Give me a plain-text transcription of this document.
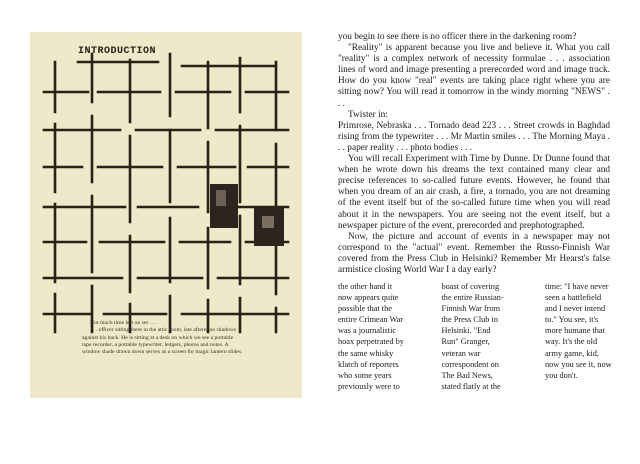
INTRODUCTION
Not much time left on set . . .
. . . officer sitting there in the attic room, late afternoon shadows
against his back. He is sitting at a desk on which we see a portable
tape recorder, a portable typewriter, ledgers, photos and notes. A
window shade drawn down serves as a screen for magic lantern slides.

you begin to see there is no officer there in the darkening room?

"Reality" is apparent because you live and believe it. What you call "reality" is a complex network of necessity formulae . . . association lines of word and image presenting a prerecorded word and image track. How do you know "real" events are taking place right where you are sitting now? You will read it tomorrow in the windy morning "NEWS" . . .

Twister in:

Primrose, Nebraska . . . Tornado dead 223 . . . Street crowds in Baghdad rising from the typewriter . . . Mr Martin smiles . . . The Morning Maya . . . paper reality . . . photo bodies . . .

You will recall Experiment with Time by Dunne. Dr Dunne found that when he wrote down his dreams the text contained many clear and precise references to so-called future events. However, he found that when you dream of an air crash, a fire, a tornado, you are not dreaming of the event itself but of the so-called future time when you will read about it in the newspapers. You are seeing not the event itself, but a newspaper picture of the event, prerecorded and prephotographed.

Now, the picture and account of events in a newspaper may not correspond to the "actual" event. Remember the Russo-Finnish War covered from the Press Club in Helsinki? Remember Mr Hearst's false armistice closing World War I a day early?

the other hand it

now appears quite

possible that the

entire Crimean War

was a journalistic

hoax perpetrated by

the same whisky

klatch of reporters

who some years

previously were to

boast of covering

the entire Russian-

Finnish War from

the Press Club in

Helsinki. "End

Run" Granger,

veteran war

correspondent on

The Bad News,

stated flatly at the

time: "I have never

seen a battlefield

and I never intend

to." You see, it's

more humane that

way. It's the old

army game, kid,

now you see it, now

you don't.
